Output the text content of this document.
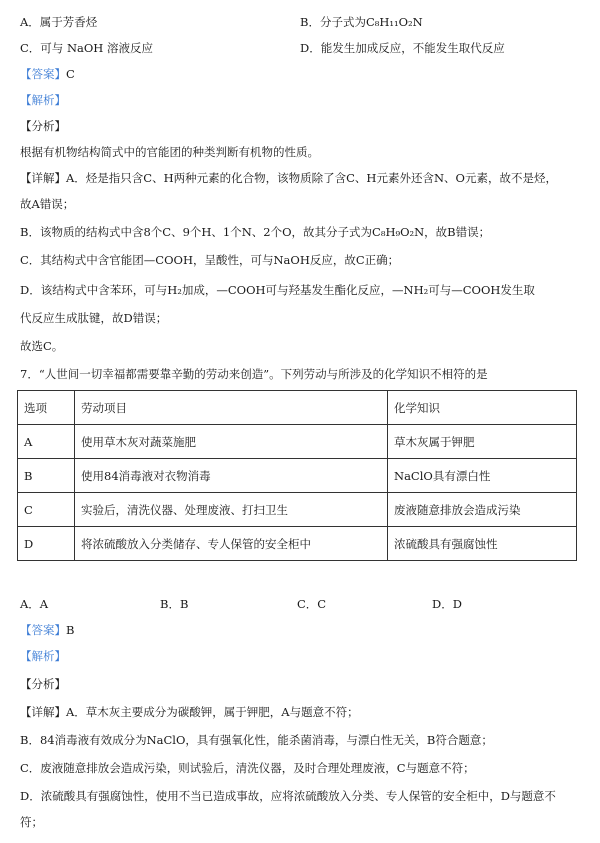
A．属于芳香烃	B．分子式为C₈H₁₁O₂N
C．可与 NaOH 溶液反应	D．能发生加成反应，不能发生取代反应
【答案】C
【解析】
【分析】
根据有机物结构简式中的官能团的种类判断有机物的性质。
【详解】A．烃是指只含C、H两种元素的化合物，该物质除了含C、H元素外还含N、O元素，故不是烃，
故A错误；
B．该物质的结构式中含8个C、9个H、1个N、2个O，故其分子式为C₈H₉O₂N，故B错误；
C．其结构式中含官能团—COOH，呈酸性，可与NaOH反应，故C正确；
D．该结构式中含苯环，可与H₂加成，—COOH可与羟基发生酯化反应，—NH₂可与—COOH发生取
代反应生成肽键，故D错误；
故选C。
7．“人世间一切幸福都需要靠辛勤的劳动来创造”。下列劳动与所涉及的化学知识不相符的是
选项	劳动项目	化学知识
A	使用草木灰对蔬菜施肥	草木灰属于钾肥
B	使用84消毒液对衣物消毒	NaClO具有漂白性
C	实验后，清洗仪器、处理废液、打扫卫生	废液随意排放会造成污染
D	将浓硫酸放入分类储存、专人保管的安全柜中	浓硫酸具有强腐蚀性
A．A	B．B	C．C	D．D
【答案】B
【解析】
【分析】
【详解】A．草木灰主要成分为碳酸钾，属于钾肥，A与题意不符；
B．84消毒液有效成分为NaClO，具有强氧化性，能杀菌消毒，与漂白性无关，B符合题意；
C．废液随意排放会造成污染，则试验后，清洗仪器，及时合理处理废液，C与题意不符；
D．浓硫酸具有强腐蚀性，使用不当已造成事故，应将浓硫酸放入分类、专人保管的安全柜中，D与题意不
符；
